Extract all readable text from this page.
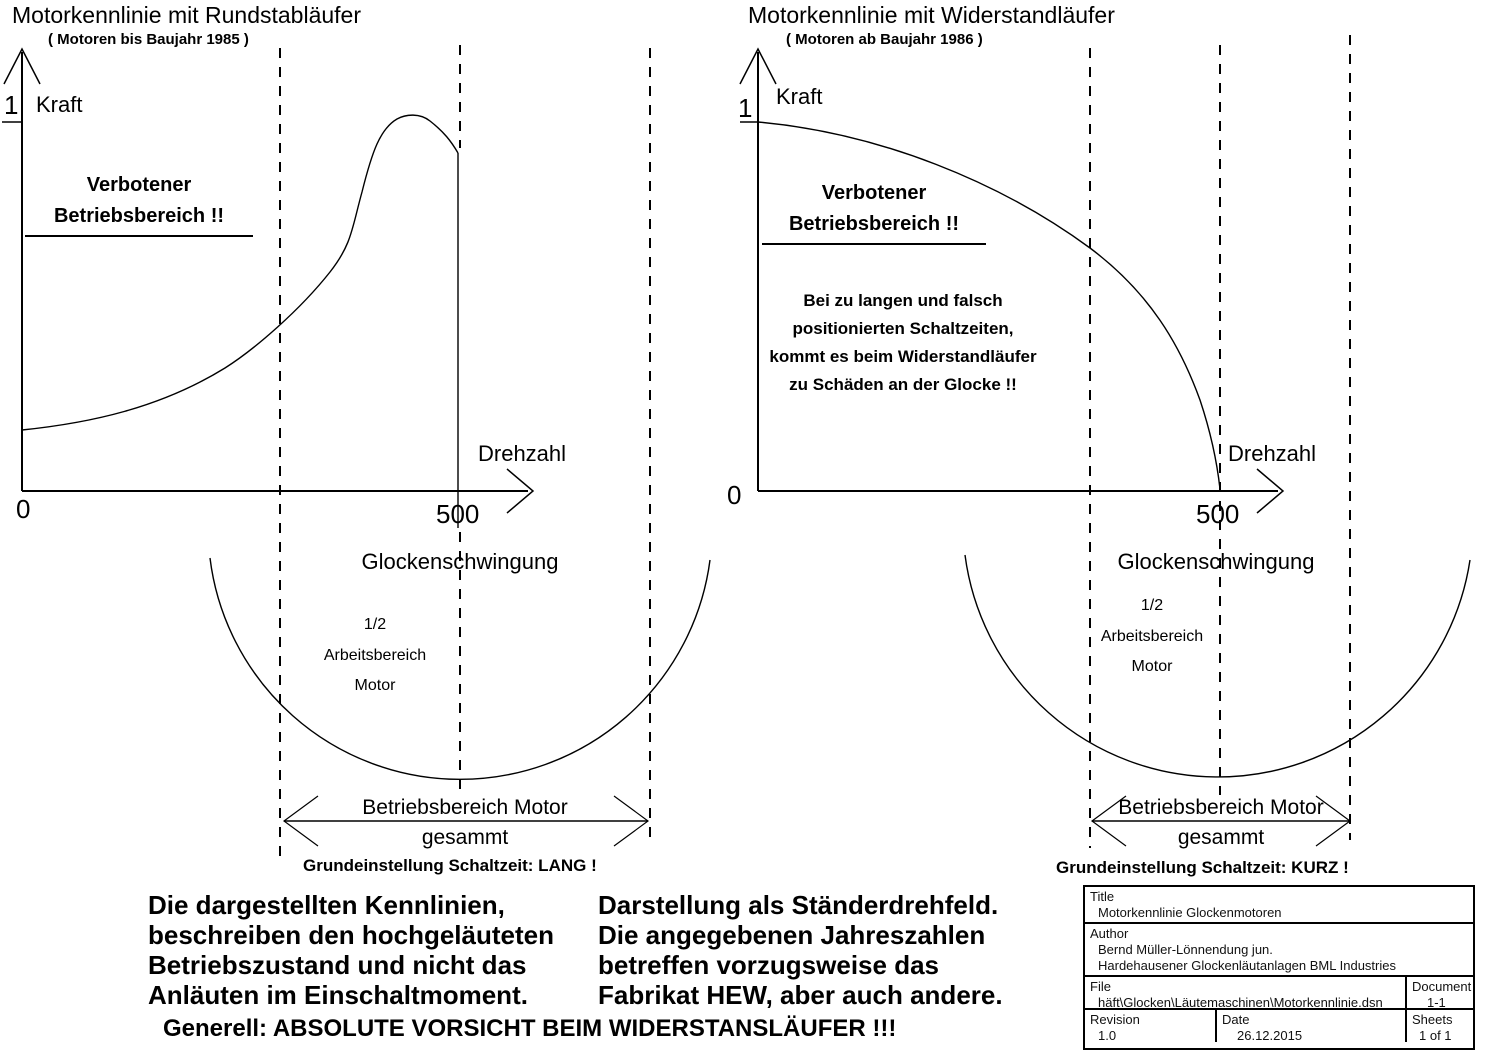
Motorkennlinie mit Rundstabläufer
( Motoren bis Baujahr 1985 )
1 Kraft
Verbotener
Betriebsbereich !!
Drehzahl
0	500
Glockenschwingung
1/2
Arbeitsbereich
Motor
Betriebsbereich Motor
gesammt
Grundeinstellung Schaltzeit: LANG !
Motorkennlinie mit Widerstandläufer
( Motoren ab Baujahr 1986 )
1 Kraft
Verbotener
Betriebsbereich !!
Bei zu langen und falsch
positionierten Schaltzeiten,
kommt es beim Widerstandläufer
zu Schäden an der Glocke !!
Drehzahl
0
500
Glockenschwingung
1/2
Arbeitsbereich
Motor
Betriebsbereich Motor
gesammt
Grundeinstellung Schaltzeit: KURZ !
Die dargestellten Kennlinien,
beschreiben den hochgeläuteten
Betriebszustand und nicht das
Anläuten im Einschaltmoment.
Darstellung als Ständerdrehfeld.
Die angegebenen Jahreszahlen
betreffen vorzugsweise das
Fabrikat HEW, aber auch andere.
Generell: ABSOLUTE VORSICHT BEIM WIDERSTANSLÄUFER !!!
Title
Motorkennlinie Glockenmotoren
Author
Bernd Müller-Lönnendung jun.
Hardehausener Glockenläutanlagen BML Industries
File
häft\Glocken\Läutemaschinen\Motorkennlinie.dsn
Document
1-1
Revision
1.0
Date
26.12.2015
Sheets
1 of 1
